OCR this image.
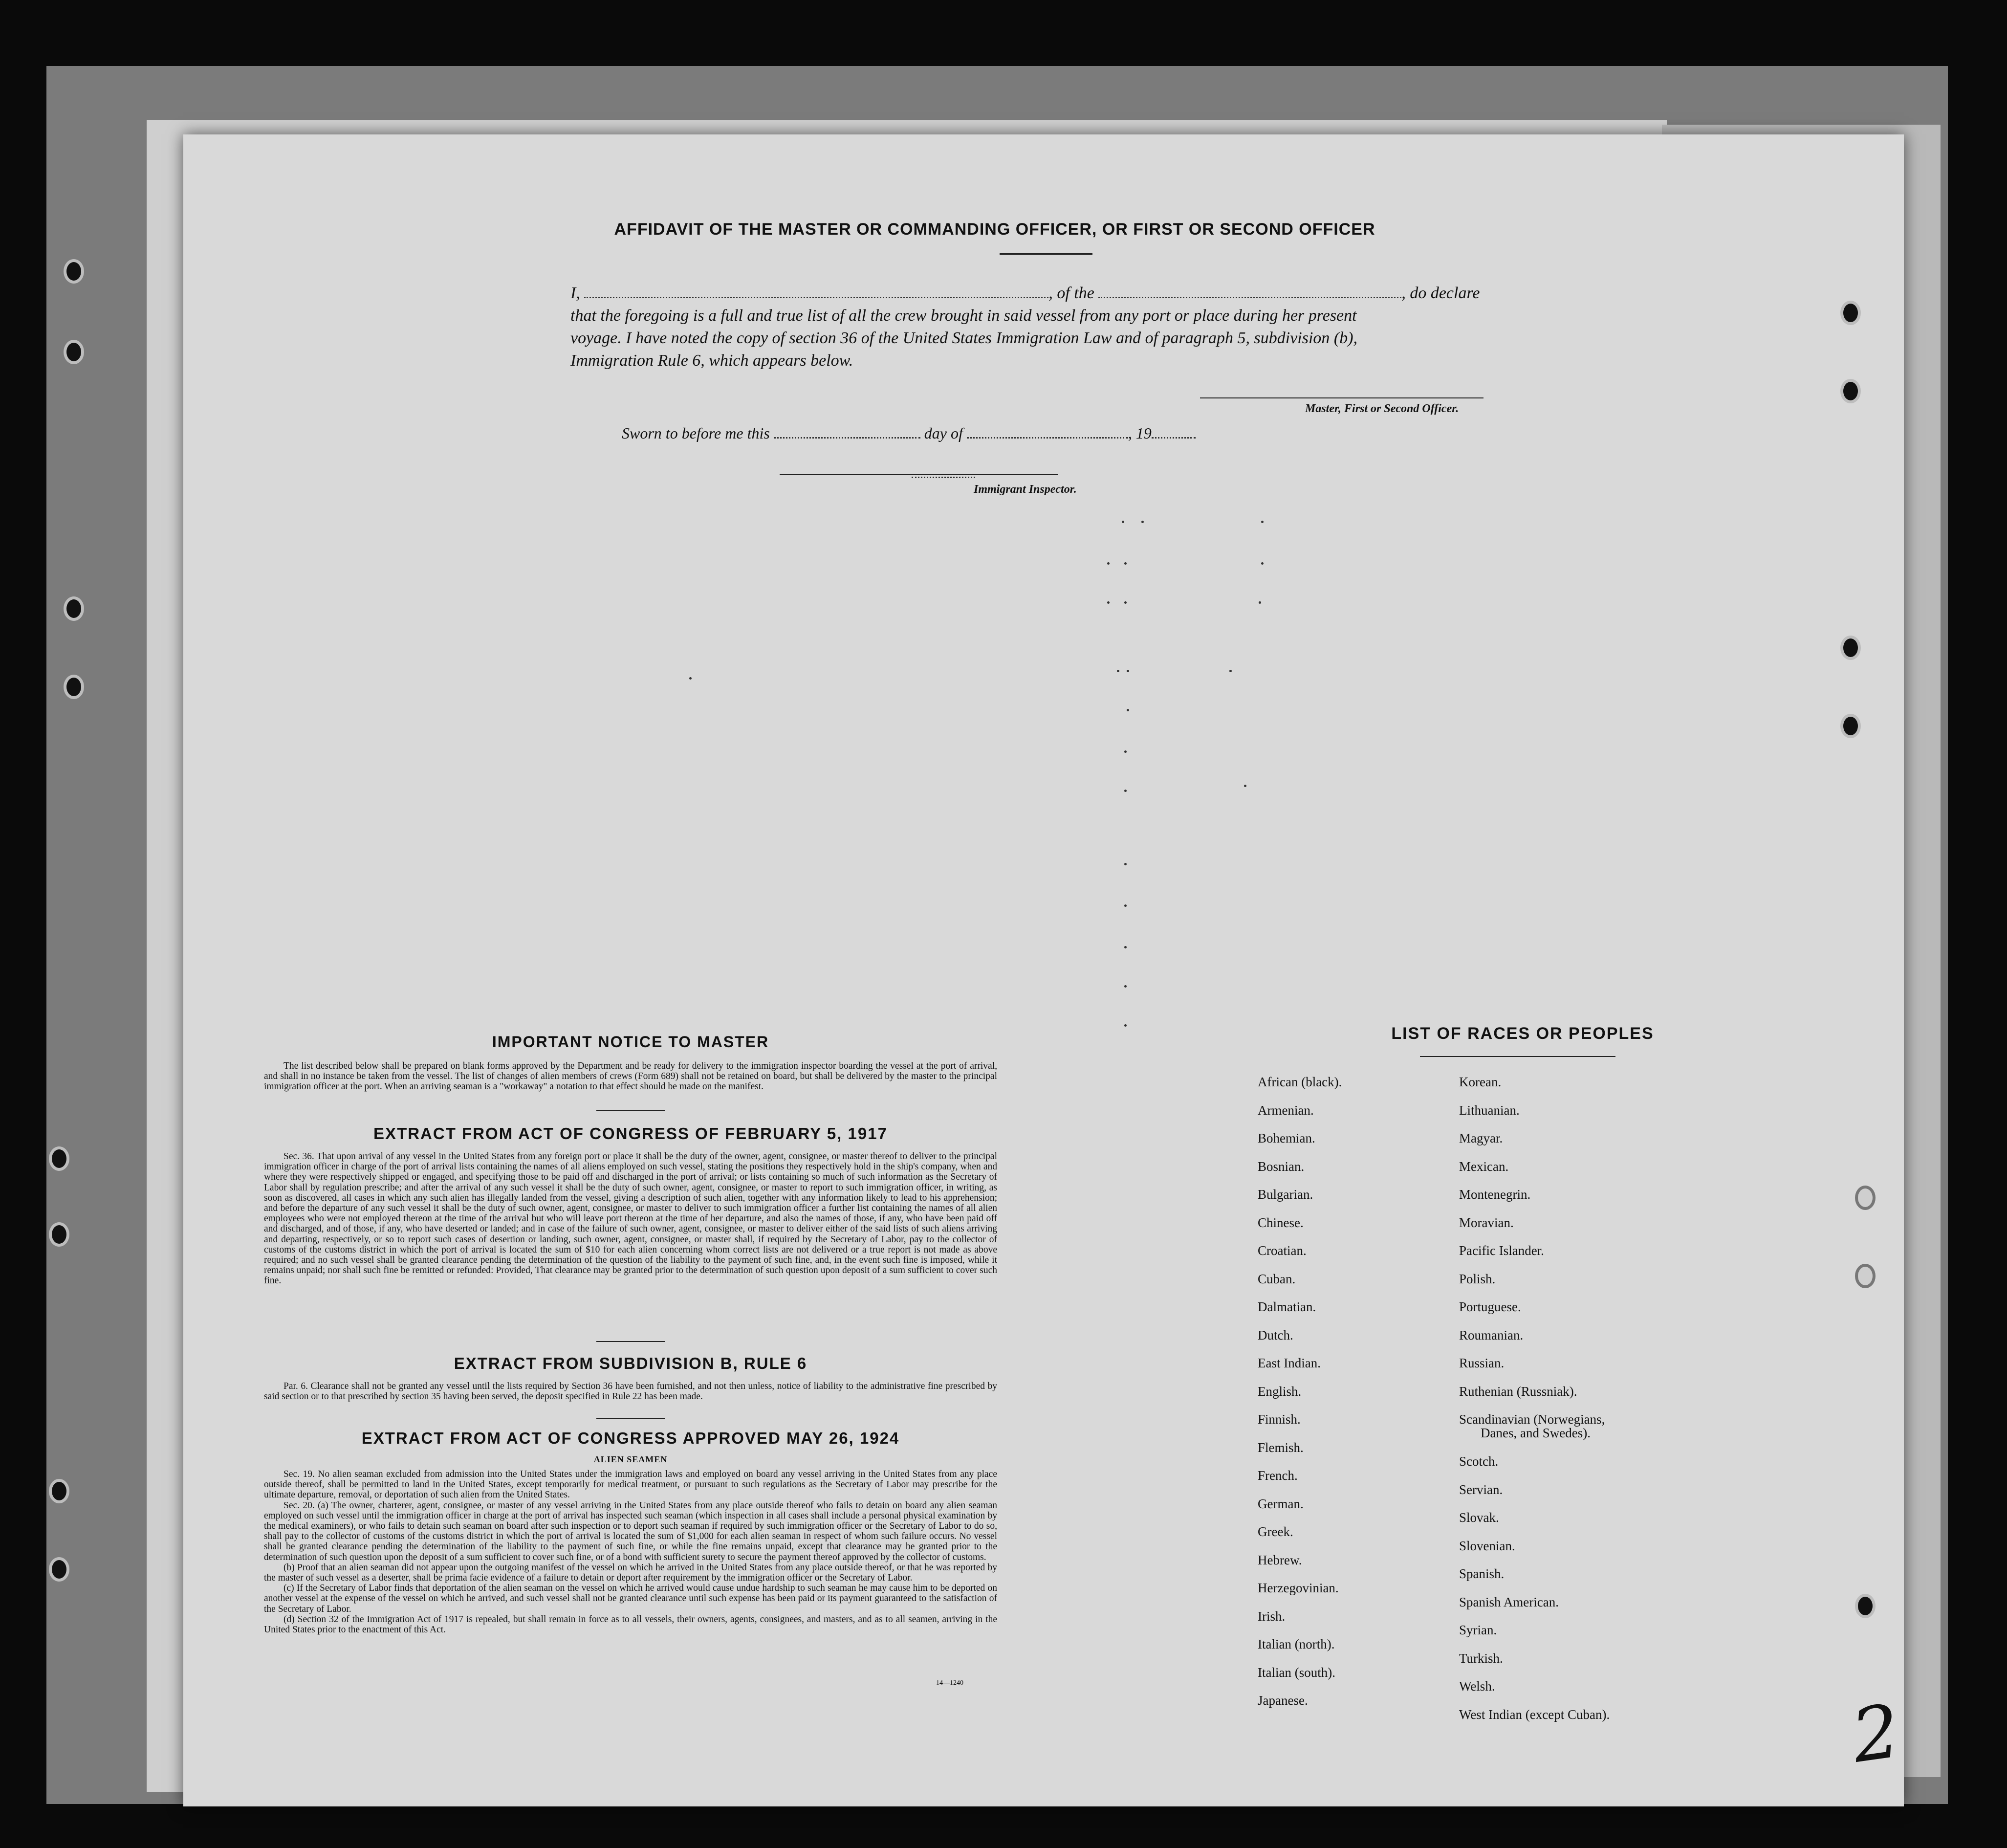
AFFIDAVIT OF THE MASTER OR COMMANDING OFFICER, OR FIRST OR SECOND OFFICER
I,	, of the	, do declare
that the foregoing is a full and true list of all the crew brought in said vessel from any port or place during her present
voyage. I have noted the copy of section 36 of the United States Immigration Law and of paragraph 5, subdivision (b),
Immigration Rule 6, which appears below.
Master, First or Second Officer.
Sworn to before me this	day of	, 19
Immigrant Inspector.
IMPORTANT NOTICE TO MASTER

The list described below shall be prepared on blank forms approved by the Department and be ready for delivery to the immigration inspector boarding the vessel at the port of arrival, and shall in no instance be taken from the vessel. The list of changes of alien members of crews (Form 689) shall not be retained on board, but shall be delivered by the master to the principal immigration officer at the port. When an arriving seaman is a "workaway" a notation to that effect should be made on the manifest.

EXTRACT FROM ACT OF CONGRESS OF FEBRUARY 5, 1917

Sec. 36. That upon arrival of any vessel in the United States from any foreign port or place it shall be the duty of the owner, agent, consignee, or master thereof to deliver to the principal immigration officer in charge of the port of arrival lists containing the names of all aliens employed on such vessel, stating the positions they respectively hold in the ship's company, when and where they were respectively shipped or engaged, and specifying those to be paid off and discharged in the port of arrival; or lists containing so much of such information as the Secretary of Labor shall by regulation prescribe; and after the arrival of any such vessel it shall be the duty of such owner, agent, consignee, or master to report to such immigration officer, in writing, as soon as discovered, all cases in which any such alien has illegally landed from the vessel, giving a description of such alien, together with any information likely to lead to his apprehension; and before the departure of any such vessel it shall be the duty of such owner, agent, consignee, or master to deliver to such immigration officer a further list containing the names of all alien employees who were not employed thereon at the time of the arrival but who will leave port thereon at the time of her departure, and also the names of those, if any, who have been paid off and discharged, and of those, if any, who have deserted or landed; and in case of the failure of such owner, agent, consignee, or master to deliver either of the said lists of such aliens arriving and departing, respectively, or so to report such cases of desertion or landing, such owner, agent, consignee, or master shall, if required by the Secretary of Labor, pay to the collector of customs of the customs district in which the port of arrival is located the sum of $10 for each alien concerning whom correct lists are not delivered or a true report is not made as above required; and no such vessel shall be granted clearance pending the determination of the question of the liability to the payment of such fine, and, in the event such fine is imposed, while it remains unpaid; nor shall such fine be remitted or refunded: Provided, That clearance may be granted prior to the determination of such question upon deposit of a sum sufficient to cover such fine.

EXTRACT FROM SUBDIVISION B, RULE 6

Par. 6. Clearance shall not be granted any vessel until the lists required by Section 36 have been furnished, and not then unless, notice of liability to the administrative fine prescribed by said section or to that prescribed by section 35 having been served, the deposit specified in Rule 22 has been made.

EXTRACT FROM ACT OF CONGRESS APPROVED MAY 26, 1924
ALIEN SEAMEN

Sec. 19. No alien seaman excluded from admission into the United States under the immigration laws and employed on board any vessel arriving in the United States from any place outside thereof, shall be permitted to land in the United States, except temporarily for medical treatment, or pursuant to such regulations as the Secretary of Labor may prescribe for the ultimate departure, removal, or deportation of such alien from the United States.

Sec. 20. (a) The owner, charterer, agent, consignee, or master of any vessel arriving in the United States from any place outside thereof who fails to detain on board any alien seaman employed on such vessel until the immigration officer in charge at the port of arrival has inspected such seaman (which inspection in all cases shall include a personal physical examination by the medical examiners), or who fails to detain such seaman on board after such inspection or to deport such seaman if required by such immigration officer or the Secretary of Labor to do so, shall pay to the collector of customs of the customs district in which the port of arrival is located the sum of $1,000 for each alien seaman in respect of whom such failure occurs. No vessel shall be granted clearance pending the determination of the liability to the payment of such fine, or while the fine remains unpaid, except that clearance may be granted prior to the determination of such question upon the deposit of a sum sufficient to cover such fine, or of a bond with sufficient surety to secure the payment thereof approved by the collector of customs.

(b) Proof that an alien seaman did not appear upon the outgoing manifest of the vessel on which he arrived in the United States from any place outside thereof, or that he was reported by the master of such vessel as a deserter, shall be prima facie evidence of a failure to detain or deport after requirement by the immigration officer or the Secretary of Labor.

(c) If the Secretary of Labor finds that deportation of the alien seaman on the vessel on which he arrived would cause undue hardship to such seaman he may cause him to be deported on another vessel at the expense of the vessel on which he arrived, and such vessel shall not be granted clearance until such expense has been paid or its payment guaranteed to the satisfaction of the Secretary of Labor.

(d) Section 32 of the Immigration Act of 1917 is repealed, but shall remain in force as to all vessels, their owners, agents, consignees, and masters, and as to all seamen, arriving in the United States prior to the enactment of this Act.

14—1240
LIST OF RACES OR PEOPLES
African (black).
Armenian.
Bohemian.
Bosnian.
Bulgarian.
Chinese.
Croatian.
Cuban.
Dalmatian.
Dutch.
East Indian.
English.
Finnish.
Flemish.
French.
German.
Greek.
Hebrew.
Herzegovinian.
Irish.
Italian (north).
Italian (south).
Japanese.
Korean.
Lithuanian.
Magyar.
Mexican.
Montenegrin.
Moravian.
Pacific Islander.
Polish.
Portuguese.
Roumanian.
Russian.
Ruthenian (Russniak).
Scandinavian (Norwegians,
Danes, and Swedes).
Scotch.
Servian.
Slovak.
Slovenian.
Spanish.
Spanish American.
Syrian.
Turkish.
Welsh.
West Indian (except Cuban).	2
